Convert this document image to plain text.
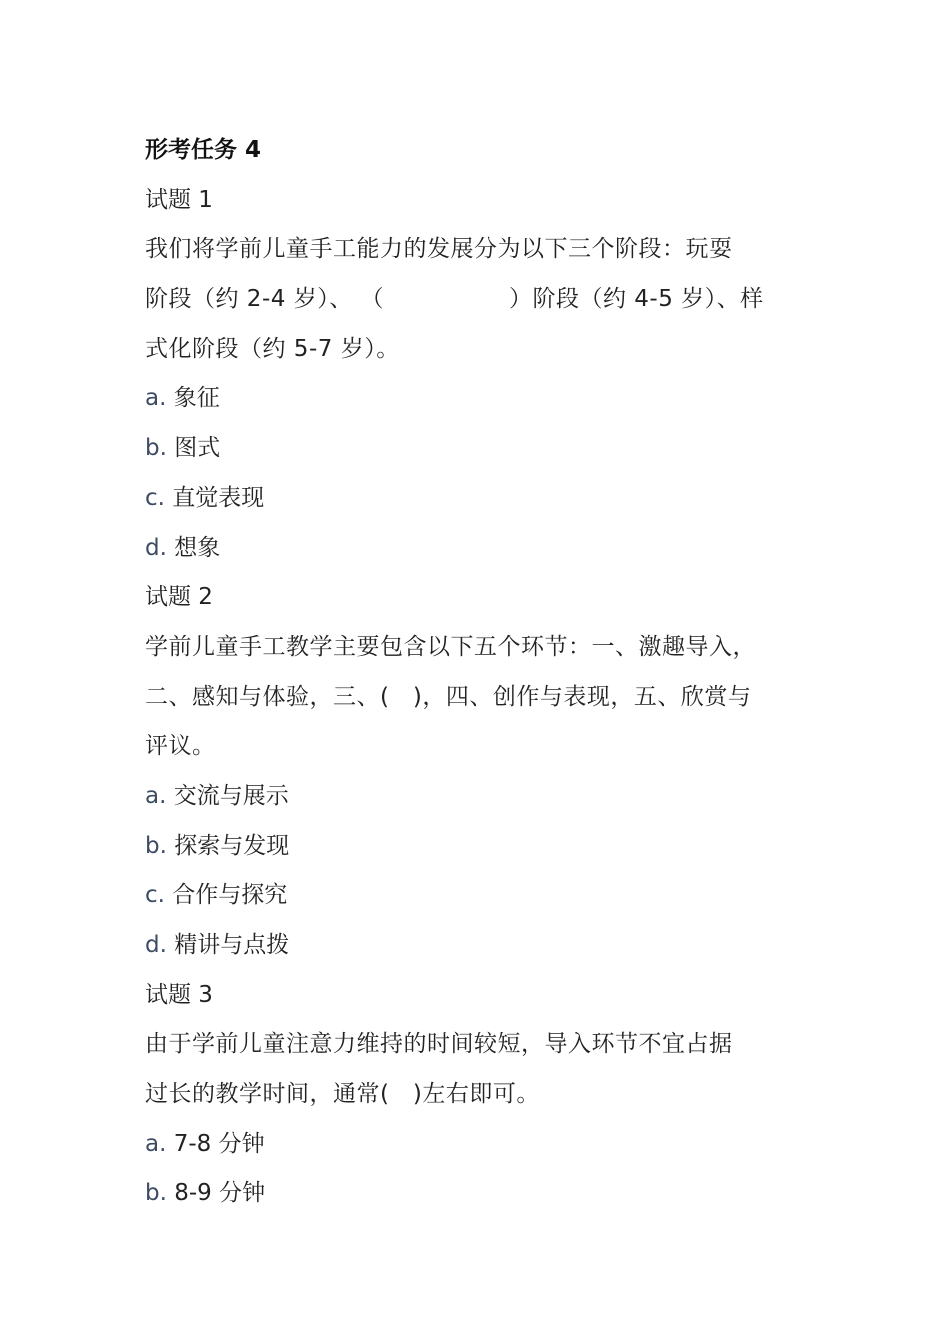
形考任务 4
试题 1
我们将学前儿童手工能力的发展分为以下三个阶段：玩耍
阶段（约 2-4 岁）、 （                ）阶段（约 4-5 岁）、样
式化阶段（约 5-7 岁）。
a. 象征
b. 图式
c. 直觉表现
d. 想象
试题 2
学前儿童手工教学主要包含以下五个环节：一、激趣导入，
二、感知与体验，三、(   )，四、创作与表现，五、欣赏与
评议。
a. 交流与展示
b. 探索与发现
c. 合作与探究
d. 精讲与点拨
试题 3
由于学前儿童注意力维持的时间较短，导入环节不宜占据
过长的教学时间，通常(   )左右即可。
a. 7-8 分钟
b. 8-9 分钟
